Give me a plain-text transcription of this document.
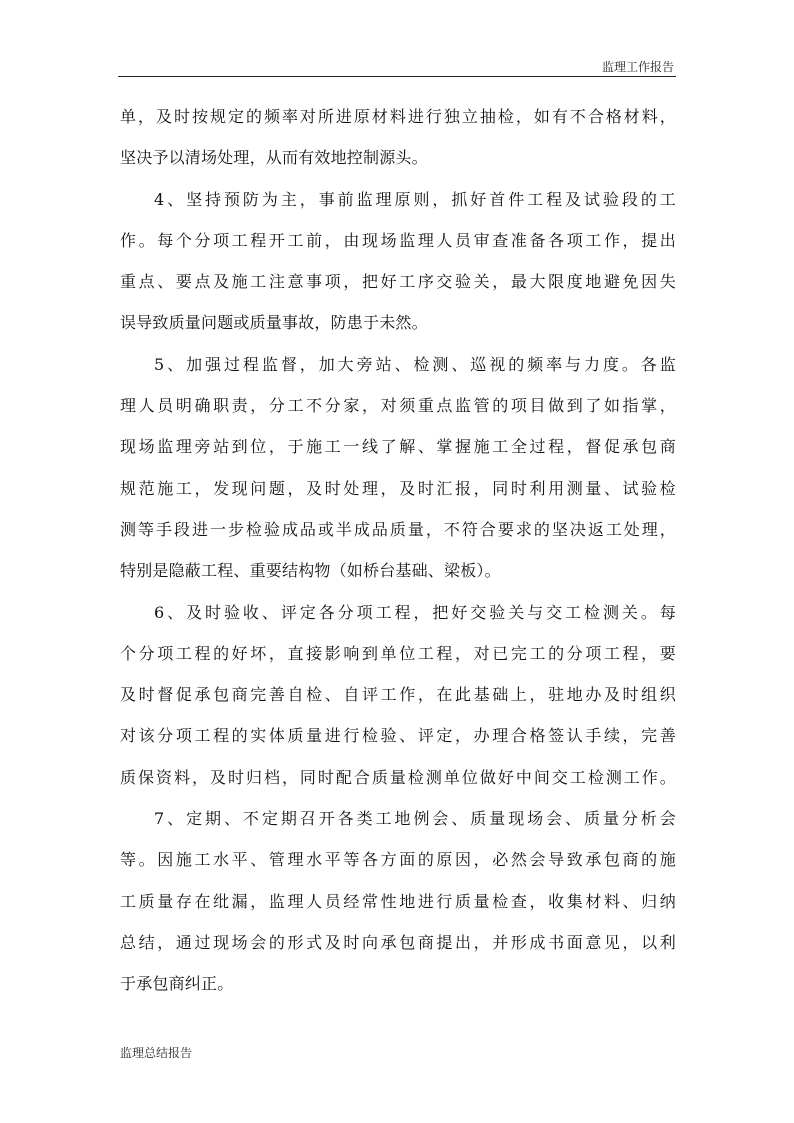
监理工作报告
单，及时按规定的频率对所进原材料进行独立抽检，如有不合格材料，
坚决予以清场处理，从而有效地控制源头。
4、坚持预防为主，事前监理原则，抓好首件工程及试验段的工
作。每个分项工程开工前，由现场监理人员审查准备各项工作，提出
重点、要点及施工注意事项，把好工序交验关，最大限度地避免因失
误导致质量问题或质量事故，防患于未然。
5、加强过程监督，加大旁站、检测、巡视的频率与力度。各监
理人员明确职责，分工不分家，对须重点监管的项目做到了如指掌，
现场监理旁站到位，于施工一线了解、掌握施工全过程，督促承包商
规范施工，发现问题，及时处理，及时汇报，同时利用测量、试验检
测等手段进一步检验成品或半成品质量，不符合要求的坚决返工处理，
特别是隐蔽工程、重要结构物（如桥台基础、梁板）。
6、及时验收、评定各分项工程，把好交验关与交工检测关。每
个分项工程的好坏，直接影响到单位工程，对已完工的分项工程，要
及时督促承包商完善自检、自评工作，在此基础上，驻地办及时组织
对该分项工程的实体质量进行检验、评定，办理合格签认手续，完善
质保资料，及时归档，同时配合质量检测单位做好中间交工检测工作。
7、定期、不定期召开各类工地例会、质量现场会、质量分析会
等。因施工水平、管理水平等各方面的原因，必然会导致承包商的施
工质量存在纰漏，监理人员经常性地进行质量检查，收集材料、归纳
总结，通过现场会的形式及时向承包商提出，并形成书面意见，以利
于承包商纠正。
监理总结报告
